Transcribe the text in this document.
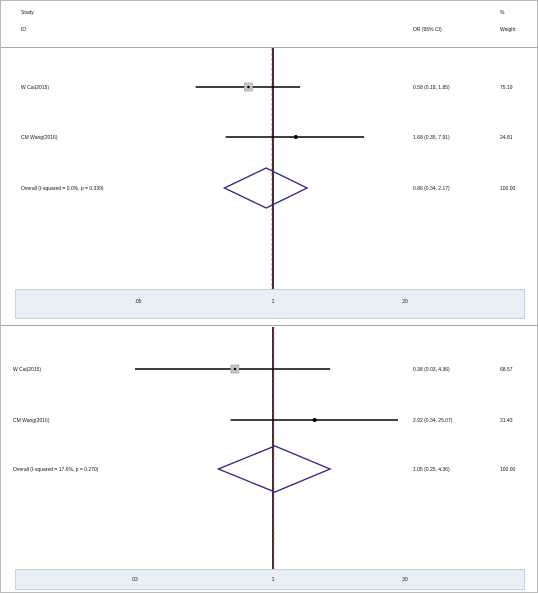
Study
ID	OR (95% CI)
%
Weight
W Cai(2015)	0.58 (0.18, 1.85)	75.19
CM Wang(2016)	1.68 (0.35, 7.91)	24.81
Overall (I-squared = 0.0%, p = 0.339)	0.86 (0.34, 2.17)	100.00
.05	1	20
W Cai(2015)	0.38 (0.03, 4.36)	68.57
CM Wang(2016)	2.92 (0.34, 25.07)	31.43
Overall (I-squared = 17.6%, p = 0.270)	1.05 (0.25, 4.36)	100.00
03	1	30
